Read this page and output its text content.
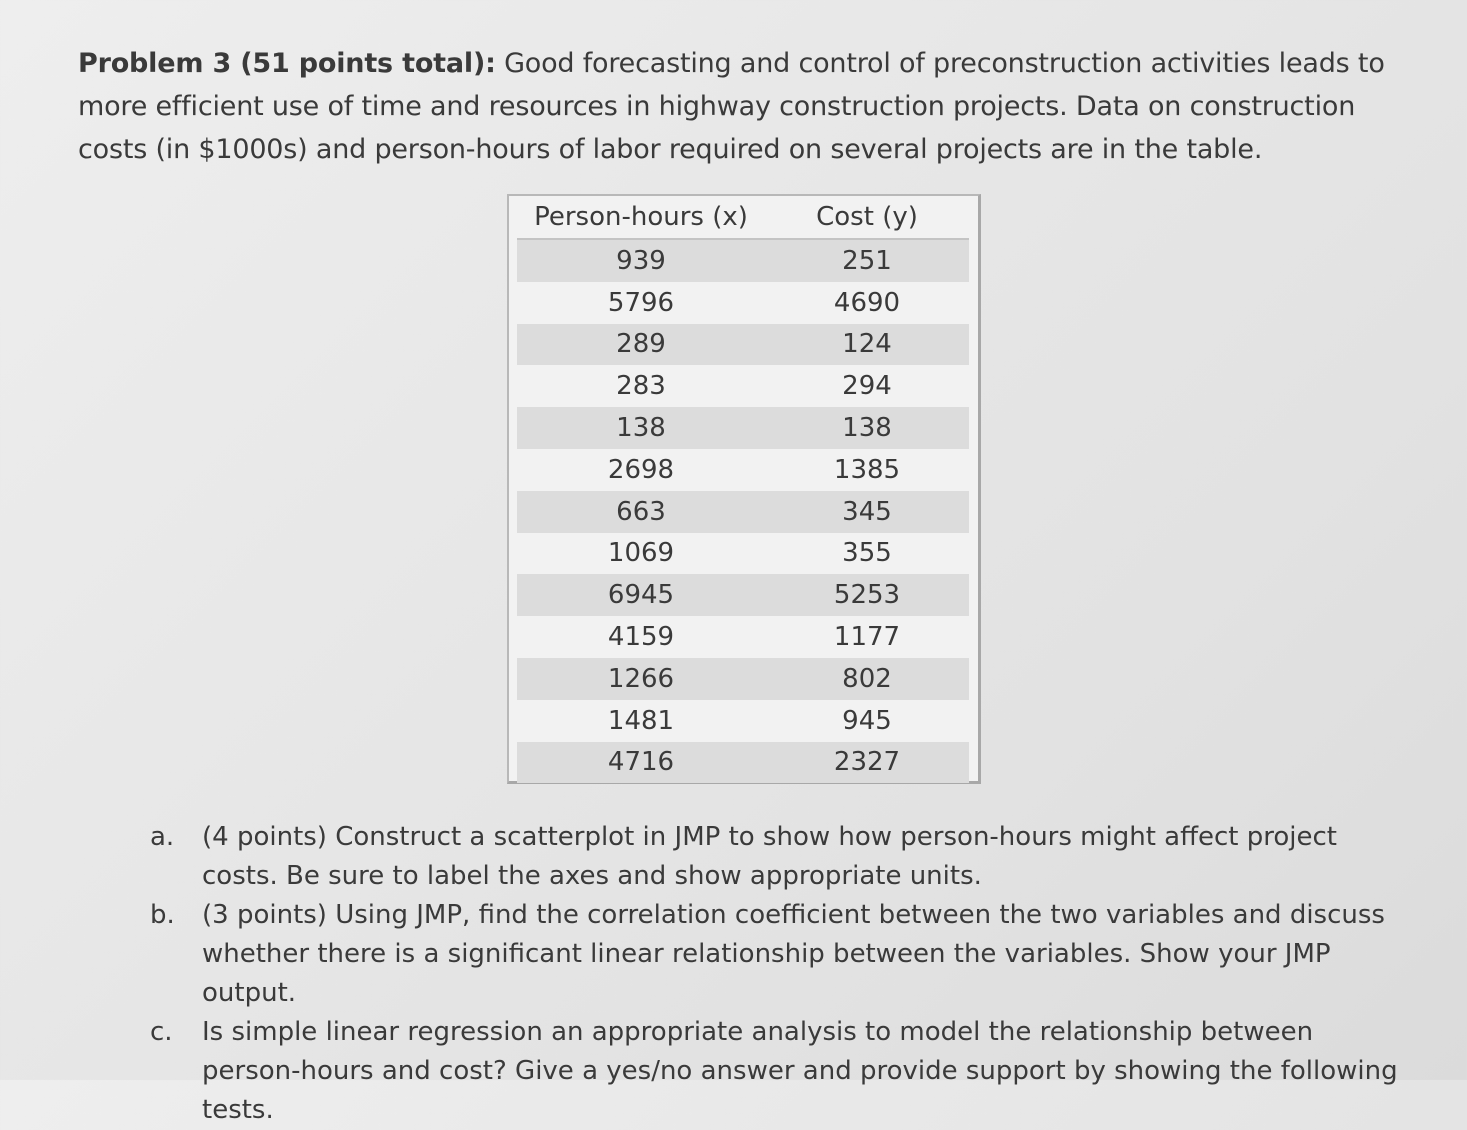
Problem 3 (51 points total): Good forecasting and control of preconstruction activities leads to more efficient use of time and resources in highway construction projects. Data on construction costs (in $1000s) and person-hours of labor required on several projects are in the table.
Person-hours (x)	Cost (y)
939	251
5796	4690
289	124
283	294
138	138
2698	1385
663	345
1069	355
6945	5253
4159	1177
1266	802
1481	945
4716	2327
a.	(4 points) Construct a scatterplot in JMP to show how person-hours might affect project costs. Be sure to label the axes and show appropriate units.
b.	(3 points) Using JMP, find the correlation coefficient between the two variables and discuss whether there is a significant linear relationship between the variables. Show your JMP output.
c.	Is simple linear regression an appropriate analysis to model the relationship between person-hours and cost? Give a yes/no answer and provide support by showing the following tests.
